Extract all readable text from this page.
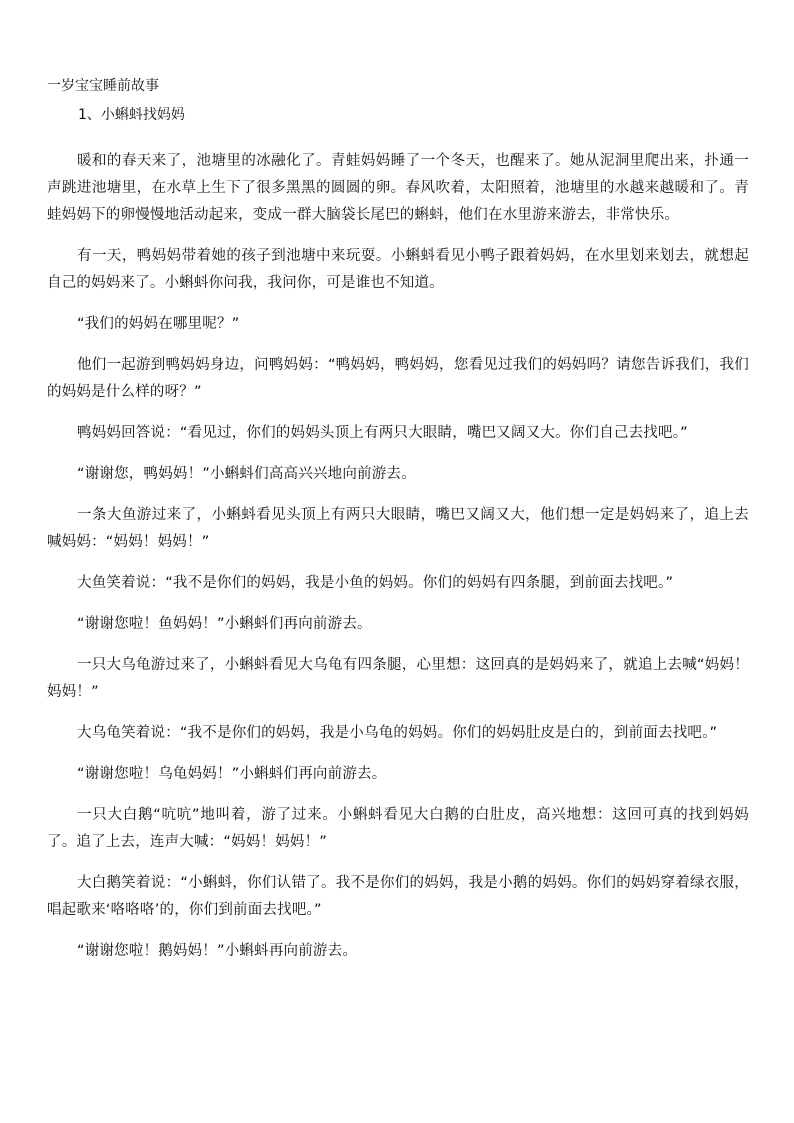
一岁宝宝睡前故事
1、小蝌蚪找妈妈

暖和的春天来了，池塘里的冰融化了。青蛙妈妈睡了一个冬天，也醒来了。她从泥洞里爬出来，扑通一声跳进池塘里，在水草上生下了很多黑黑的圆圆的卵。春风吹着，太阳照着，池塘里的水越来越暖和了。青蛙妈妈下的卵慢慢地活动起来，变成一群大脑袋长尾巴的蝌蚪，他们在水里游来游去，非常快乐。

有一天，鸭妈妈带着她的孩子到池塘中来玩耍。小蝌蚪看见小鸭子跟着妈妈，在水里划来划去，就想起自己的妈妈来了。小蝌蚪你问我，我问你，可是谁也不知道。

“我们的妈妈在哪里呢？”

他们一起游到鸭妈妈身边，问鸭妈妈：“鸭妈妈，鸭妈妈，您看见过我们的妈妈吗？请您告诉我们，我们的妈妈是什么样的呀？”

鸭妈妈回答说：“看见过，你们的妈妈头顶上有两只大眼睛，嘴巴又阔又大。你们自己去找吧。”

“谢谢您，鸭妈妈！”小蝌蚪们高高兴兴地向前游去。

一条大鱼游过来了，小蝌蚪看见头顶上有两只大眼睛，嘴巴又阔又大，他们想一定是妈妈来了，追上去喊妈妈：“妈妈！妈妈！”

大鱼笑着说：“我不是你们的妈妈，我是小鱼的妈妈。你们的妈妈有四条腿，到前面去找吧。”

“谢谢您啦！鱼妈妈！”小蝌蚪们再向前游去。

一只大乌龟游过来了，小蝌蚪看见大乌龟有四条腿，心里想：这回真的是妈妈来了，就追上去喊“妈妈！妈妈！”

大乌龟笑着说：“我不是你们的妈妈，我是小乌龟的妈妈。你们的妈妈肚皮是白的，到前面去找吧。”

“谢谢您啦！乌龟妈妈！”小蝌蚪们再向前游去。

一只大白鹅“吭吭”地叫着，游了过来。小蝌蚪看见大白鹅的白肚皮，高兴地想：这回可真的找到妈妈了。追了上去，连声大喊：“妈妈！妈妈！”

大白鹅笑着说：“小蝌蚪，你们认错了。我不是你们的妈妈，我是小鹅的妈妈。你们的妈妈穿着绿衣服，唱起歌来‘咯咯咯’的，你们到前面去找吧。”

“谢谢您啦！鹅妈妈！”小蝌蚪再向前游去。
